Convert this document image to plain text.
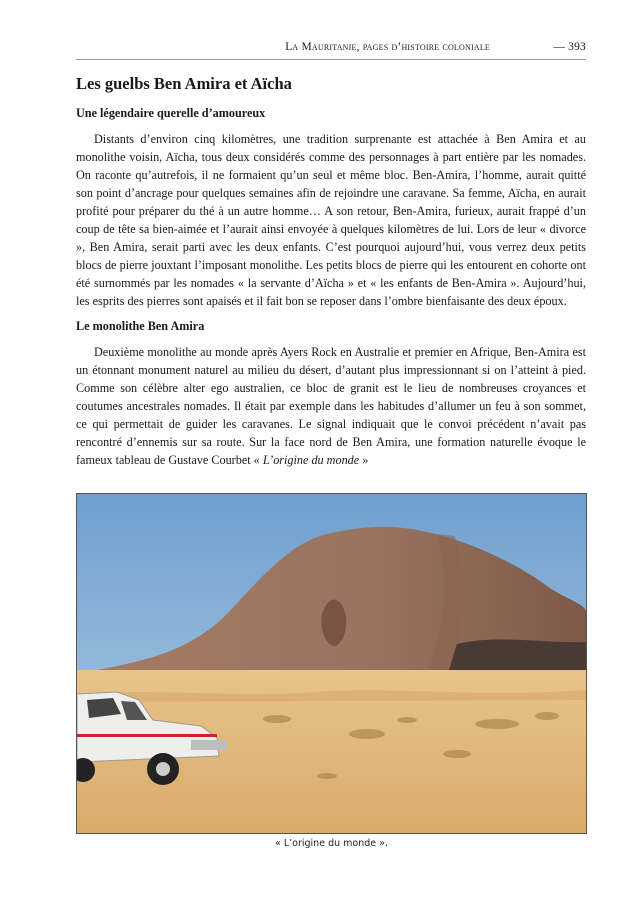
La Mauritanie, pages d’histoire coloniale	— 393
Les guelbs Ben Amira et Aïcha
Une légendaire querelle d’amoureux

Distants d’environ cinq kilomètres, une tradition surprenante est attachée à Ben Amira et au monolithe voisin, Aïcha, tous deux considérés comme des personnages à part entière par les nomades. On raconte qu’autrefois, il ne formaient qu’un seul et même bloc. Ben-Amira, l’homme, aurait quitté son point d’ancrage pour quelques semaines afin de rejoindre une caravane. Sa femme, Aïcha, en aurait profité pour préparer du thé à un autre homme… A son retour, Ben-Amira, furieux, aurait frappé d’un coup de tête sa bien-aimée et l’aurait ainsi envoyée à quelques kilomètres de lui. Lors de leur « divorce », Ben Amira, serait parti avec les deux enfants. C’est pourquoi aujourd’hui, vous verrez deux petits blocs de pierre jouxtant l’imposant monolithe. Les petits blocs de pierre qui les entourent en cohorte ont été surnommés par les nomades « la servante d’Aïcha » et « les enfants de Ben-Amira ». Aujourd’hui, les esprits des pierres sont apaisés et il fait bon se reposer dans l’ombre bienfaisante des deux époux.

Le monolithe Ben Amira

Deuxième monolithe au monde après Ayers Rock en Australie et premier en Afrique, Ben-Amira est un étonnant monument naturel au milieu du désert, d’autant plus impressionnant si on l’atteint à pied. Comme son célèbre alter ego australien, ce bloc de granit est le lieu de nombreuses croyances et coutumes ancestrales nomades. Il était par exemple dans les habitudes d’allumer un feu à son sommet, ce qui permettait de guider les caravanes. Le signal indiquait que le convoi précédent n’avait pas rencontré d’ennemis sur sa route. Sur la face nord de Ben Amira, une formation naturelle évoque le fameux tableau de Gustave Courbet « L’origine du monde »

« L’origine du monde ».
